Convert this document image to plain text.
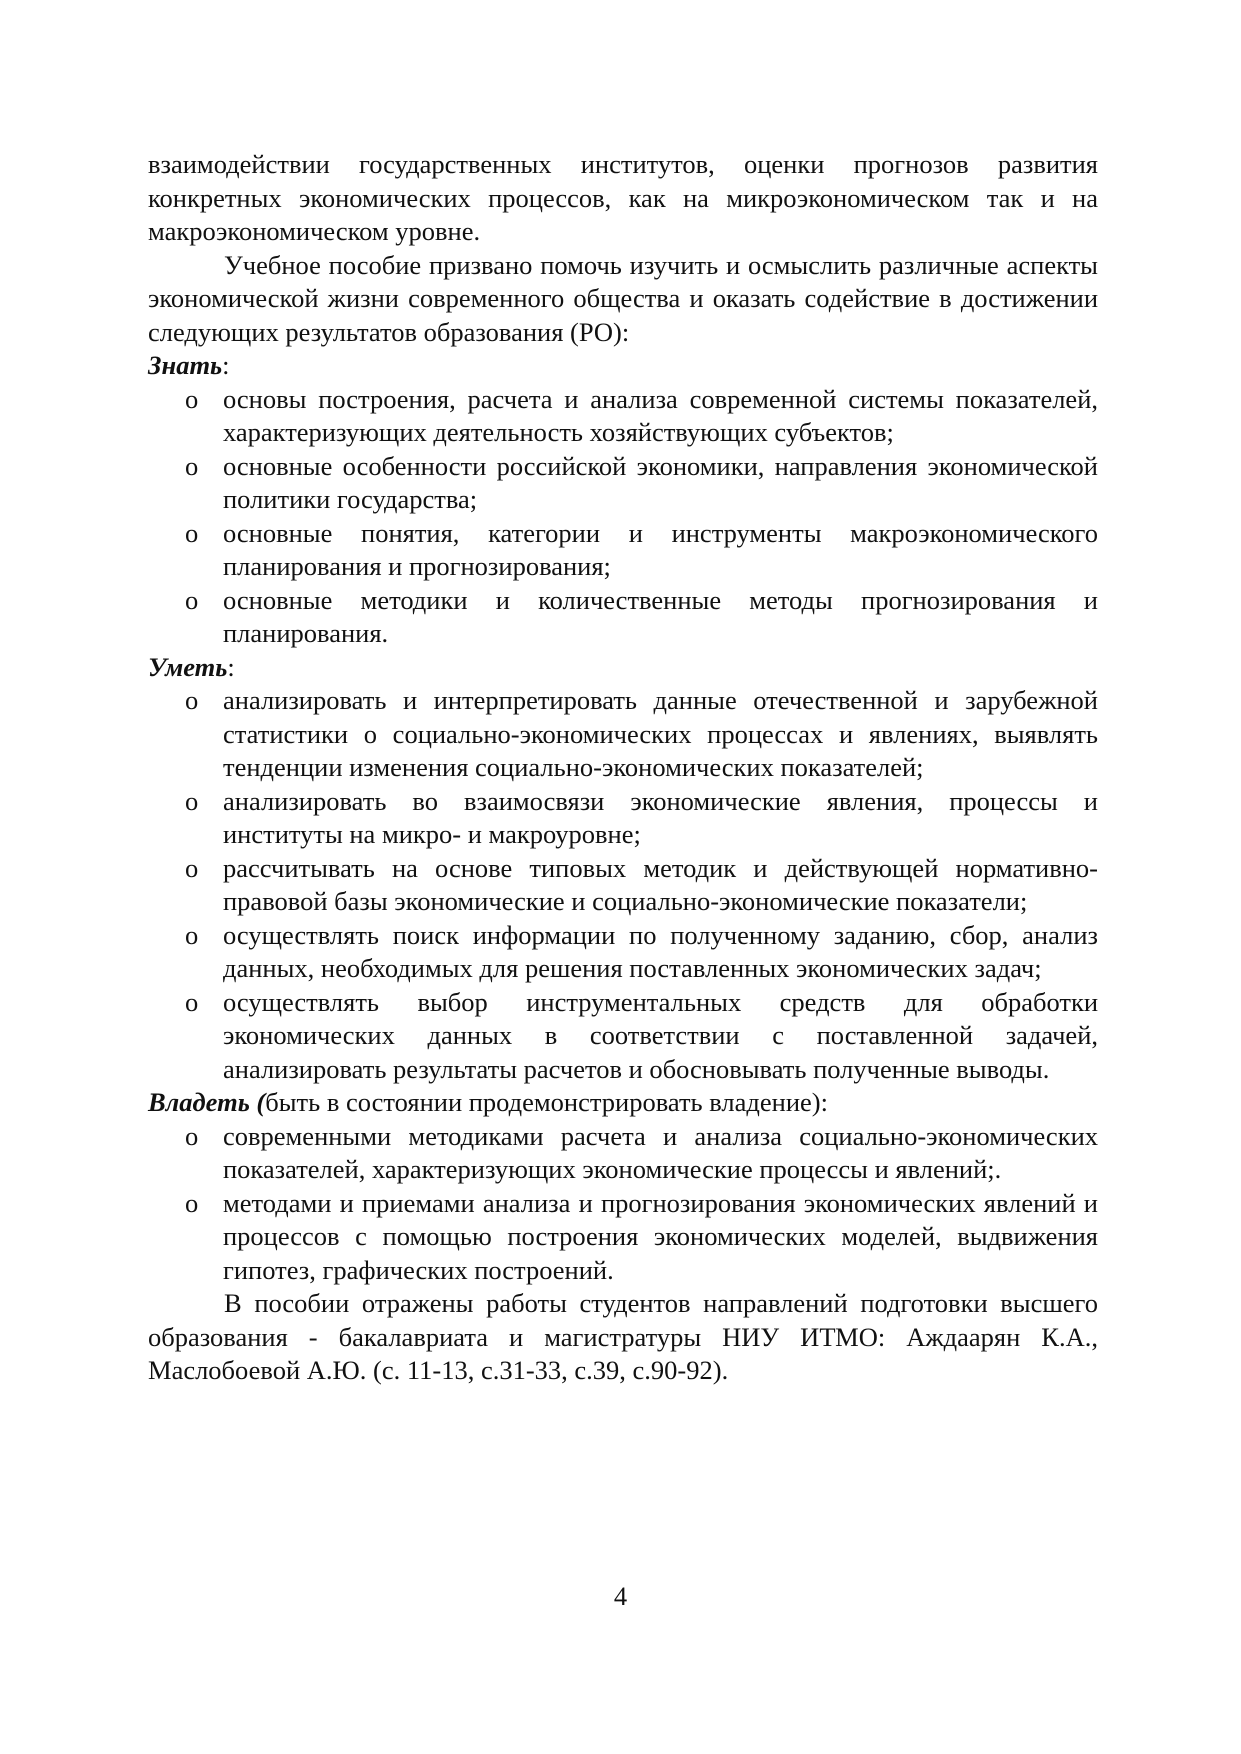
взаимодействии государственных институтов, оценки прогнозов развития конкретных экономических процессов, как на микроэкономическом так и на макроэкономическом уровне.

Учебное пособие призвано помочь изучить и осмыслить различные аспекты экономической жизни современного общества и оказать содействие в достижении следующих результатов образования (РО):

Знать:
o основы построения, расчета и анализа современной системы показателей, характеризующих деятельность хозяйствующих субъектов;
o основные особенности российской экономики, направления экономической политики государства;
o основные понятия, категории и инструменты макроэкономического планирования и прогнозирования;
o основные методики и количественные методы прогнозирования и планирования.
Уметь:
o анализировать и интерпретировать данные отечественной и зарубежной статистики о социально-экономических процессах и явлениях, выявлять тенденции изменения социально-экономических показателей;
o анализировать во взаимосвязи экономические явления, процессы и институты на микро- и макроуровне;
o рассчитывать на основе типовых методик и действующей нормативно-правовой базы экономические и социально-экономические показатели;
o осуществлять поиск информации по полученному заданию, сбор, анализ данных, необходимых для решения поставленных экономических задач;
o осуществлять выбор инструментальных средств для обработки экономических данных в соответствии с поставленной задачей, анализировать результаты расчетов и обосновывать полученные выводы.
Владеть (быть в состоянии продемонстрировать владение):
o современными методиками расчета и анализа социально-экономических показателей, характеризующих экономические процессы и явлений;.
o методами и приемами анализа и прогнозирования экономических явлений и процессов с помощью построения экономических моделей, выдвижения гипотез, графических построений.

В пособии отражены работы студентов направлений подготовки высшего образования - бакалавриата и магистратуры НИУ ИТМО: Аждаарян К.А., Маслобоевой А.Ю. (с. 11-13, с.31-33, с.39, с.90-92).

4
